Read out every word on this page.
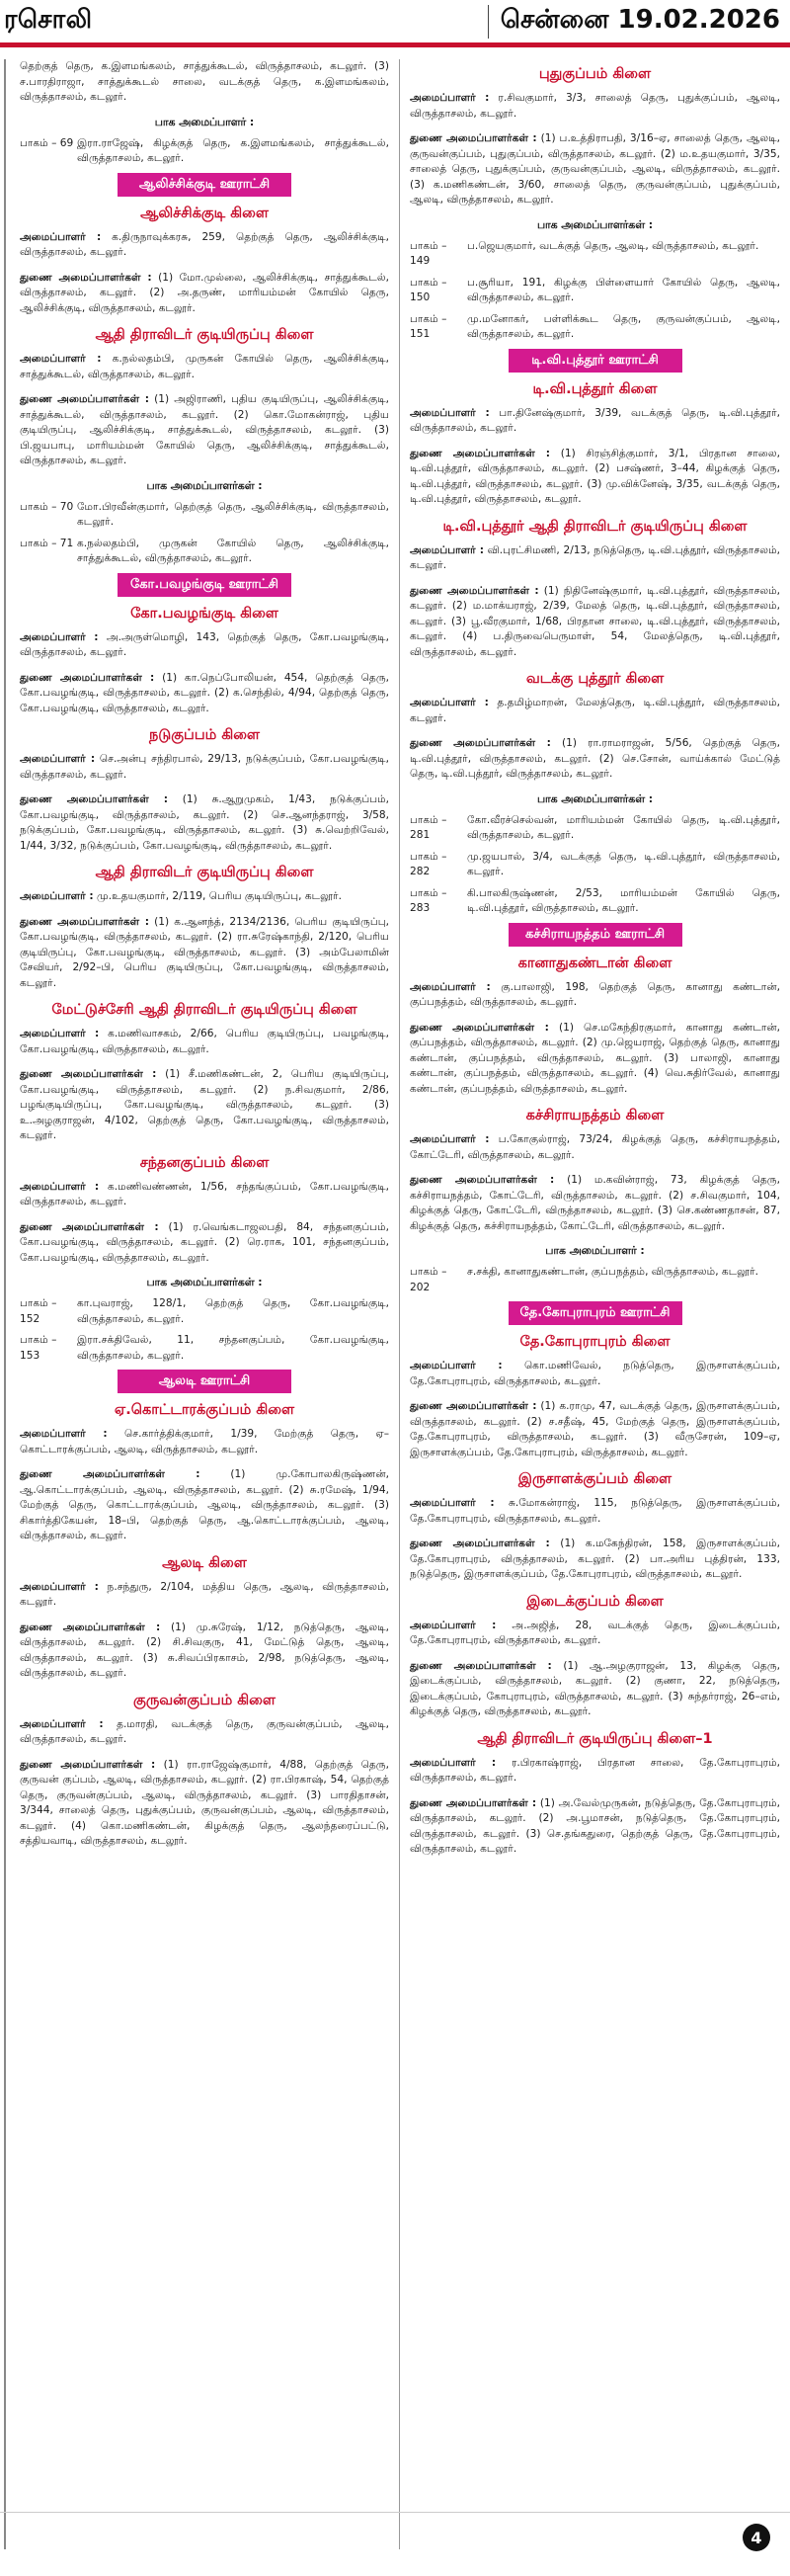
ரசொலி	சென்னை 19.02.2026

தெற்குத் தெரு, க.இளமங்கலம், சாத்துக்கூடல், விருத்தாசலம், கடலூர். (3) ச.பாரதிராஜா, சாத்துக்கூடல் சாலை, வடக்குத் தெரு, க.இளமங்கலம், விருத்தாசலம், கடலூர்.

பாக அமைப்பாளர் :
பாகம் – 69 இரா.ராஜேஷ், கிழக்குத் தெரு, க.இளமங்கலம், சாத்துக்கூடல், விருத்தாசலம், கடலூர்.
ஆலிச்சிக்குடி ஊராட்சி
ஆலிச்சிக்குடி கிளை

அமைப்பாளர் : க.திருநாவுக்கரசு, 259, தெற்குத் தெரு, ஆலிச்சிக்குடி, விருத்தாசலம், கடலூர்.

துணை அமைப்பாளர்கள் : (1) மோ.முல்லை, ஆலிச்சிக்குடி, சாத்துக்கூடல், விருத்தாசலம், கடலூர். (2) அ.தருண், மாரியம்மன் கோயில் தெரு, ஆலிச்சிக்குடி, விருத்தாசலம், கடலூர்.

ஆதி திராவிடர் குடியிருப்பு கிளை

அமைப்பாளர் : க.நல்லதம்பி, முருகன் கோயில் தெரு, ஆலிச்சிக்குடி, சாத்துக்கூடல், விருத்தாசலம், கடலூர்.

துணை அமைப்பாளர்கள் : (1) அஜிராணி, புதிய குடியிருப்பு, ஆலிச்சிக்குடி, சாத்துக்கூடல், விருத்தாசலம், கடலூர். (2) கொ.மோகன்ராஜ், புதிய குடியிருப்பு, ஆலிச்சிக்குடி, சாத்துக்கூடல், விருத்தாசலம், கடலூர். (3) பி.ஜயபாபு, மாரியம்மன் கோயில் தெரு, ஆலிச்சிக்குடி, சாத்துக்கூடல், விருத்தாசலம், கடலூர்.

பாக அமைப்பாளர்கள் :
பாகம் – 70 மோ.பிரவீன்குமார், தெற்குத் தெரு, ஆலிச்சிக்குடி, விருத்தாசலம், கடலூர்.
பாகம் – 71 க.நல்லதம்பி, முருகன் கோயில் தெரு, ஆலிச்சிக்குடி, சாத்துக்கூடல், விருத்தாசலம், கடலூர்.
கோ.பவழங்குடி ஊராட்சி
கோ.பவழங்குடி கிளை

அமைப்பாளர் : அ.அருள்மொழி, 143, தெற்குத் தெரு, கோ.பவழங்குடி, விருத்தாசலம், கடலூர்.

துணை அமைப்பாளர்கள் : (1) கா.நெப்போலியன், 454, தெற்குத் தெரு, கோ.பவழங்குடி, விருத்தாசலம், கடலூர். (2) க.செந்தில், 4/94, தெற்குத் தெரு, கோ.பவழங்குடி, விருத்தாசலம், கடலூர்.

நடுகுப்பம் கிளை

அமைப்பாளர் : செ.அன்பு சந்திரபால், 29/13, நடுக்குப்பம், கோ.பவழங்குடி, விருத்தாசலம், கடலூர்.

துணை அமைப்பாளர்கள் : (1) சு.ஆறுமுகம், 1/43, நடுக்குப்பம், கோ.பவழங்குடி, விருத்தாசலம், கடலூர். (2) செ.ஆனந்தராஜ், 3/58, நடுக்குப்பம், கோ.பவழங்குடி, விருத்தாசலம், கடலூர். (3) சு.வெற்றிவேல், 1/44, 3/32, நடுக்குப்பம், கோ.பவழங்குடி, விருத்தாசலம், கடலூர்.

ஆதி திராவிடர் குடியிருப்பு கிளை

அமைப்பாளர் : மு.உதயகுமார், 2/119, பெரிய குடியிருப்பு, கடலூர்.

துணை அமைப்பாளர்கள் : (1) க.ஆனந்த், 2134/2136, பெரிய குடியிருப்பு, கோ.பவழங்குடி, விருத்தாசலம், கடலூர். (2) ரா.சுரேஷ்காந்தி, 2/120, பெரிய குடியிருப்பு, கோ.பவழங்குடி, விருத்தாசலம், கடலூர். (3) அம்பேலாமின் சேவியர், 2/92–பி, பெரிய குடியிருப்பு, கோ.பவழங்குடி, விருத்தாசலம், கடலூர்.

மேட்டுச்சேரி ஆதி திராவிடர் குடியிருப்பு கிளை

அமைப்பாளர் : க.மணிவாசகம், 2/66, பெரிய குடியிருப்பு, பவழங்குடி, கோ.பவழங்குடி, விருத்தாசலம், கடலூர்.

துணை அமைப்பாளர்கள் : (1) சீ.மணிகண்டன், 2, பெரிய குடியிருப்பு, கோ.பவழங்குடி, விருத்தாசலம், கடலூர். (2) ந.சிவகுமார், 2/86, பழங்குடியிருப்பு, கோ.பவழங்குடி, விருத்தாசலம், கடலூர். (3) உ.அழகுராஜன், 4/102, தெற்குத் தெரு, கோ.பவழங்குடி, விருத்தாசலம், கடலூர்.

சந்தனகுப்பம் கிளை

அமைப்பாளர் : க.மணிவண்ணன், 1/56, சந்தங்குப்பம், கோ.பவழங்குடி, விருத்தாசலம், கடலூர்.

துணை அமைப்பாளர்கள் : (1) ர.வெங்கடாஜலபதி, 84, சந்தனகுப்பம், கோ.பவழங்குடி, விருத்தாசலம், கடலூர். (2) ரெ.ராக, 101, சந்தனகுப்பம், கோ.பவழங்குடி, விருத்தாசலம், கடலூர்.

பாக அமைப்பாளர்கள் :
பாகம் – 152
கா.புவராஜ், 128/1, தெற்குத் தெரு, கோ.பவழங்குடி, விருத்தாசலம், கடலூர்.
பாகம் – 153
இரா.சக்திவேல், 11, சந்தனகுப்பம், கோ.பவழங்குடி, விருத்தாசலம், கடலூர்.
ஆலடி ஊராட்சி
ஏ.கொட்டாரக்குப்பம் கிளை

அமைப்பாளர் : செ.கார்த்திக்குமார், 1/39, மேற்குத் தெரு, ஏ–கொட்டாரக்குப்பம், ஆலடி, விருத்தாசலம், கடலூர்.

துணை அமைப்பாளர்கள் : (1) மு.கோபாலகிருஷ்ணன், ஆ.கொட்டாரக்குப்பம், ஆலடி, விருத்தாசலம், கடலூர். (2) சு.ரமேஷ், 1/94, மேற்குத் தெரு, கொட்டாரக்குப்பம், ஆலடி, விருத்தாசலம், கடலூர். (3) சிகார்த்திகேயன், 18–பி, தெற்குத் தெரு, ஆ.கொட்டாரக்குப்பம், ஆலடி, விருத்தாசலம், கடலூர்.

ஆலடி கிளை

அமைப்பாளர் : ந.சந்துரு, 2/104, மத்திய தெரு, ஆலடி, விருத்தாசலம், கடலூர்.

துணை அமைப்பாளர்கள் : (1) மு.சுரேஷ், 1/12, நடுத்தெரு, ஆலடி, விருத்தாசலம், கடலூர். (2) சி.சிவகுரு, 41, மேட்டுத் தெரு, ஆலடி, விருத்தாசலம், கடலூர். (3) சு.சிவப்பிரகாசம், 2/98, நடுத்தெரு, ஆலடி, விருத்தாசலம், கடலூர்.

குருவன்குப்பம் கிளை

அமைப்பாளர் : த.மாரதி, வடக்குத் தெரு, குருவன்குப்பம், ஆலடி, விருத்தாசலம், கடலூர்.

துணை அமைப்பாளர்கள் : (1) ரா.ராஜேஷ்குமார், 4/88, தெற்குத் தெரு, குருவன் குப்பம், ஆலடி, விருத்தாசலம், கடலூர். (2) ரா.பிரகாஷ், 54, தெற்குத் தெரு, குருவன்குப்பம், ஆலடி, விருத்தாசலம், கடலூர். (3) பாரதிதாசன், 3/344, சாலைத் தெரு, புதுக்குப்பம், குருவன்குப்பம், ஆலடி, விருத்தாசலம், கடலூர். (4) கொ.மணிகண்டன், கிழக்குத் தெரு, ஆலந்தரைப்பட்டு, சத்தியவாடி, விருத்தாசலம், கடலூர்.

புதுகுப்பம் கிளை

அமைப்பாளர் : ர.சிவகுமார், 3/3, சாலைத் தெரு, புதுக்குப்பம், ஆலடி, விருத்தாசலம், கடலூர்.

துணை அமைப்பாளர்கள் : (1) ப.உத்திராபதி, 3/16–ஏ, சாலைத் தெரு, ஆலடி, குருவன்குப்பம், புதுகுப்பம், விருத்தாசலம், கடலூர். (2) ம.உதயகுமார், 3/35, சாலைத் தெரு, புதுக்குப்பம், குருவன்குப்பம், ஆலடி, விருத்தாசலம், கடலூர். (3) க.மணிகண்டன், 3/60, சாலைத் தெரு, குருவன்குப்பம், புதுக்குப்பம், ஆலடி, விருத்தாசலம், கடலூர்.

பாக அமைப்பாளர்கள் :
பாகம் – 149
ப.ஜெயகுமார், வடக்குத் தெரு, ஆலடி, விருத்தாசலம், கடலூர்.
பாகம் – 150
ப.சூரியா, 191, கிழக்கு பிள்ளையார் கோயில் தெரு, ஆலடி, விருத்தாசலம், கடலூர்.
பாகம் – 151
மு.மனோகர், பள்ளிக்கூட தெரு, குருவன்குப்பம், ஆலடி, விருத்தாசலம், கடலூர்.
டி.வி.புத்தூர் ஊராட்சி
டி.வி.புத்தூர் கிளை

அமைப்பாளர் : பா.தினேஷ்குமார், 3/39, வடக்குத் தெரு, டி.வி.புத்தூர், விருத்தாசலம், கடலூர்.

துணை அமைப்பாளர்கள் : (1) சிரஞ்சித்குமார், 3/1, பிரதான சாலை, டி.வி.புத்தூர், விருத்தாசலம், கடலூர். (2) பசஷ்ணர், 3–44, கிழக்குத் தெரு, டி.வி.புத்தூர், விருத்தாசலம், கடலூர். (3) மு.விக்னேஷ், 3/35, வடக்குத் தெரு, டி.வி.புத்தூர், விருத்தாசலம், கடலூர்.

டி.வி.புத்தூர் ஆதி திராவிடர் குடியிருப்பு கிளை

அமைப்பாளர் : வி.புரட்சிமணி, 2/13, நடுத்தெரு, டி.வி.புத்தூர், விருத்தாசலம், கடலூர்.

துணை அமைப்பாளர்கள் : (1) நிதினேஷ்குமார், டி.வி.புத்தூர், விருத்தாசலம், கடலூர். (2) ம.மாக்யராஜ், 2/39, மேலத் தெரு, டி.வி.புத்தூர், விருத்தாசலம், கடலூர். (3) பூ.வீரகுமார், 1/68, பிரதான சாலை, டி.வி.புத்தூர், விருத்தாசலம், கடலூர். (4) ப.திருவைபெருமாள், 54, மேலத்தெரு, டி.வி.புத்தூர், விருத்தாசலம், கடலூர்.

வடக்கு புத்தூர் கிளை

அமைப்பாளர் : த.தமிழ்மாறன், மேலத்தெரு, டி.வி.புத்தூர், விருத்தாசலம், கடலூர்.

துணை அமைப்பாளர்கள் : (1) ரா.ராமராஜன், 5/56, தெற்குத் தெரு, டி.வி.புத்தூர், விருத்தாசலம், கடலூர். (2) செ.சோன், வாய்க்கால் மேட்டுத் தெரு, டி.வி.புத்தூர், விருத்தாசலம், கடலூர்.

பாக அமைப்பாளர்கள் :
பாகம் – 281
கோ.வீரச்செல்வன், மாரியம்மன் கோயில் தெரு, டி.வி.புத்தூர், விருத்தாசலம், கடலூர்.
பாகம் – 282
மு.ஜயபால், 3/4, வடக்குத் தெரு, டி.வி.புத்தூர், விருத்தாசலம், கடலூர்.
பாகம் – 283
கி.பாலகிருஷ்ணன், 2/53, மாரியம்மன் கோயில் தெரு, டி.வி.புத்தூர், விருத்தாசலம், கடலூர்.
கச்சிராயநத்தம் ஊராட்சி
கானாதுகண்டான் கிளை

அமைப்பாளர் : கு.பாலாஜி, 198, தெற்குத் தெரு, கானாது கண்டான், குப்பநத்தம், விருத்தாசலம், கடலூர்.

துணை அமைப்பாளர்கள் : (1) செ.மகேந்திரகுமார், கானாது கண்டான், குப்பநத்தம், விருத்தாசலம், கடலூர். (2) மு.ஜெயராஜ், தெற்குத் தெரு, கானாது கண்டான், குப்பநத்தம், விருத்தாசலம், கடலூர். (3) பாலாஜி, கானாது கண்டான், குப்பநத்தம், விருத்தாசலம், கடலூர். (4) வெ.சுதிர்வேல், கானாது கண்டான், குப்பநத்தம், விருத்தாசலம், கடலூர்.

கச்சிராயநத்தம் கிளை

அமைப்பாளர் : ப.கோகுல்ராஜ், 73/24, கிழக்குத் தெரு, கச்சிராயநத்தம், கோட்டேரி, விருத்தாசலம், கடலூர்.

துணை அமைப்பாளர்கள் : (1) ம.கவின்ராஜ், 73, கிழக்குத் தெரு, கச்சிராயநத்தம், கோட்டேரி, விருத்தாசலம், கடலூர். (2) ச.சிவகுமார், 104, கிழக்குத் தெரு, கோட்டேரி, விருத்தாசலம், கடலூர். (3) செ.கண்ணதாசன், 87, கிழக்குத் தெரு, கச்சிராயநத்தம், கோட்டேரி, விருத்தாசலம், கடலூர்.

பாக அமைப்பாளர் :
பாகம் – 202
ச.சக்தி, கானாதுகண்டான், குப்பநத்தம், விருத்தாசலம், கடலூர்.
தே.கோபுராபுரம் ஊராட்சி
தே.கோபுராபுரம் கிளை

அமைப்பாளர் : கொ.மணிவேல், நடுத்தெரு, இருசாளக்குப்பம், தே.கோபுராபுரம், விருத்தாசலம், கடலூர்.

துணை அமைப்பாளர்கள் : (1) க.ராமு, 47, வடக்குத் தெரு, இருசாளக்குப்பம், விருத்தாசலம், கடலூர். (2) ச.சதீஷ், 45, மேற்குத் தெரு, இருசாளக்குப்பம், தே.கோபுராபுரம், விருத்தாசலம், கடலூர். (3) வீருசேரன், 109–ஏ, இருசாளக்குப்பம், தே.கோபுராபுரம், விருத்தாசலம், கடலூர்.

இருசாளக்குப்பம் கிளை

அமைப்பாளர் : சு.மோகன்ராஜ், 115, நடுத்தெரு, இருசாளக்குப்பம், தே.கோபுராபுரம், விருத்தாசலம், கடலூர்.

துணை அமைப்பாளர்கள் : (1) க.மகேந்திரன், 158, இருசாளக்குப்பம், தே.கோபுராபுரம், விருத்தாசலம், கடலூர். (2) பா.அரிய புத்திரன், 133, நடுத்தெரு, இருசாளக்குப்பம், தே.கோபுராபுரம், விருத்தாசலம், கடலூர்.

இடைக்குப்பம் கிளை

அமைப்பாளர் : அ.அஜித், 28, வடக்குத் தெரு, இடைக்குப்பம், தே.கோபுராபுரம், விருத்தாசலம், கடலூர்.

துணை அமைப்பாளர்கள் : (1) ஆ.அழகுராஜன், 13, கிழக்கு தெரு, இடைக்குப்பம், விருத்தாசலம், கடலூர். (2) குணா, 22, நடுத்தெரு, இடைக்குப்பம், கோபுராபுரம், விருத்தாசலம், கடலூர். (3) சுந்தர்ராஜ், 26–எம், கிழக்குத் தெரு, விருத்தாசலம், கடலூர்.

ஆதி திராவிடர் குடியிருப்பு கிளை–1

அமைப்பாளர் : ர.பிரகாஷ்ராஜ், பிரதான சாலை, தே.கோபுராபுரம், விருத்தாசலம், கடலூர்.

துணை அமைப்பாளர்கள் : (1) அ.வேல்முருகன், நடுத்தெரு, தே.கோபுராபுரம், விருத்தாசலம், கடலூர். (2) அ.பூமாசன், நடுத்தெரு, தே.கோபுராபுரம், விருத்தாசலம், கடலூர். (3) செ.தங்கதுரை, தெற்குத் தெரு, தே.கோபுராபுரம், விருத்தாசலம், கடலூர்.

4
